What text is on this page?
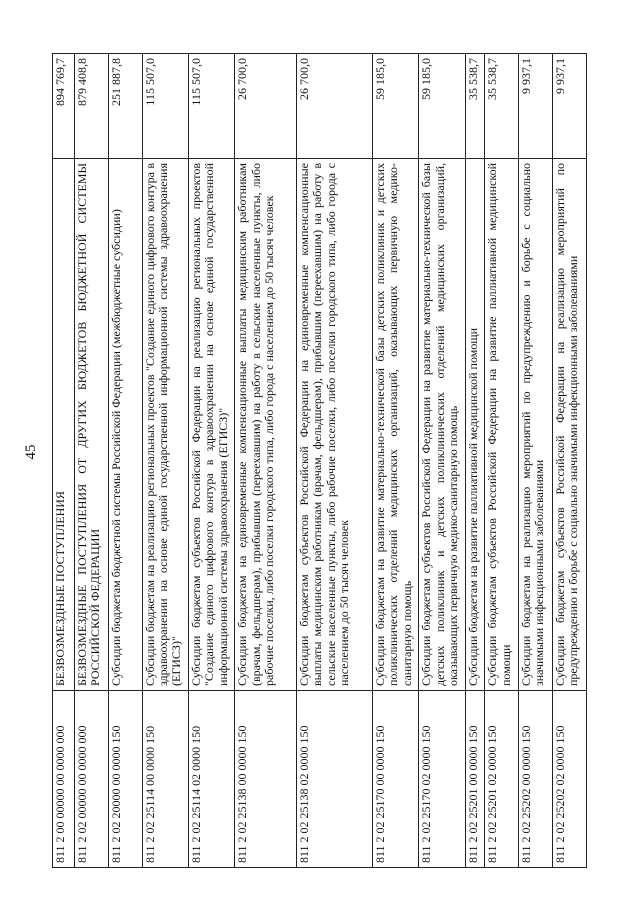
45
811 2 00 00000 00 0000 000	БЕЗВОЗМЕЗДНЫЕ ПОСТУПЛЕНИЯ	894 769,7
811 2 02 00000 00 0000 000	БЕЗВОЗМЕЗДНЫЕ ПОСТУПЛЕНИЯ ОТ ДРУГИХ БЮДЖЕТОВ БЮДЖЕТНОЙ СИСТЕМЫ РОССИЙСКОЙ ФЕДЕРАЦИИ	879 408,8
811 2 02 20000 00 0000 150	Субсидии бюджетам бюджетной системы Российской Федерации (межбюджетные субсидии)	251 887,8
811 2 02 25114 00 0000 150	Субсидии бюджетам на реализацию региональных проектов "Создание единого цифрового контура в здравоохранении на основе единой государственной информационной системы здравоохранения (ЕГИСЗ)"	115 507,0
811 2 02 25114 02 0000 150	Субсидии бюджетам субъектов Российской Федерации на реализацию региональных проектов "Создание единого цифрового контура в здравоохранении на основе единой государственной информационной системы здравоохранения (ЕГИСЗ)"	115 507,0
811 2 02 25138 00 0000 150	Субсидии бюджетам на единовременные компенсационные выплаты медицинским работникам (врачам, фельдшерам), прибывшим (переехавшим) на работу в сельские населенные пункты, либо рабочие поселки, либо поселки городского типа, либо города с населением до 50 тысяч человек	26 700,0
811 2 02 25138 02 0000 150	Субсидии бюджетам субъектов Российской Федерации на единовременные компенсационные выплаты медицинским работникам (врачам, фельдшерам), прибывшим (переехавшим) на работу в сельские населенные пункты, либо рабочие поселки, либо поселки городского типа, либо города с населением до 50 тысяч человек	26 700,0
811 2 02 25170 00 0000 150	Субсидии бюджетам на развитие материально-технической базы детских поликлиник и детских поликлинических отделений медицинских организаций, оказывающих первичную медико-санитарную помощь	59 185,0
811 2 02 25170 02 0000 150	Субсидии бюджетам субъектов Российской Федерации на развитие материально-технической базы детских поликлиник и детских поликлинических отделений медицинских организаций, оказывающих первичную медико-санитарную помощь	59 185,0
811 2 02 25201 00 0000 150	Субсидии бюджетам на развитие паллиативной медицинской помощи	35 538,7
811 2 02 25201 02 0000 150	Субсидии бюджетам субъектов Российской Федерации на развитие паллиативной медицинской помощи	35 538,7
811 2 02 25202 00 0000 150	Субсидии бюджетам на реализацию мероприятий по предупреждению и борьбе с социально значимыми инфекционными заболеваниями	9 937,1
811 2 02 25202 02 0000 150	Субсидии бюджетам субъектов Российской Федерации на реализацию мероприятий по предупреждению и борьбе с социально значимыми инфекционными заболеваниями	9 937,1
